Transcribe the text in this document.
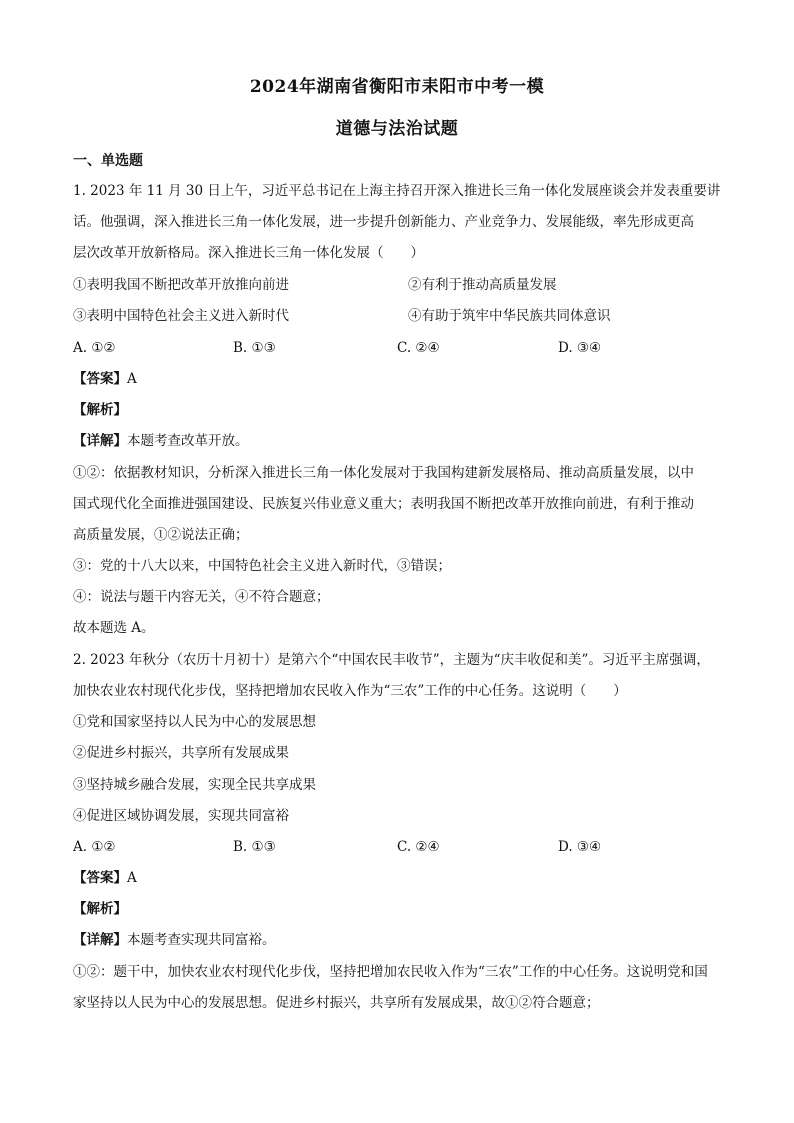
2024年湖南省衡阳市耒阳市中考一模
道德与法治试题
一、单选题
1. 2023 年 11 月 30 日上午，习近平总书记在上海主持召开深入推进长三角一体化发展座谈会并发表重要讲
话。他强调，深入推进长三角一体化发展，进一步提升创新能力、产业竞争力、发展能级，率先形成更高
层次改革开放新格局。深入推进长三角一体化发展（　　）
①表明我国不断把改革开放推向前进	②有利于推动高质量发展
③表明中国特色社会主义进入新时代	④有助于筑牢中华民族共同体意识
A. ①②	B. ①③	C. ②④	D. ③④
【答案】A
【解析】
【详解】本题考查改革开放。
①②：依据教材知识，分析深入推进长三角一体化发展对于我国构建新发展格局、推动高质量发展，以中
国式现代化全面推进强国建设、民族复兴伟业意义重大；表明我国不断把改革开放推向前进，有利于推动
高质量发展，①②说法正确；
③：党的十八大以来，中国特色社会主义进入新时代，③错误；
④：说法与题干内容无关，④不符合题意；
故本题选 A。
2. 2023 年秋分（农历十月初十）是第六个“中国农民丰收节”，主题为“庆丰收促和美”。习近平主席强调，
加快农业农村现代化步伐，坚持把增加农民收入作为“三农”工作的中心任务。这说明（　　）
①党和国家坚持以人民为中心的发展思想
②促进乡村振兴，共享所有发展成果
③坚持城乡融合发展，实现全民共享成果
④促进区域协调发展，实现共同富裕
A. ①②	B. ①③	C. ②④	D. ③④
【答案】A
【解析】
【详解】本题考查实现共同富裕。
①②：题干中，加快农业农村现代化步伐，坚持把增加农民收入作为“三农”工作的中心任务。这说明党和国
家坚持以人民为中心的发展思想。促进乡村振兴，共享所有发展成果，故①②符合题意；
